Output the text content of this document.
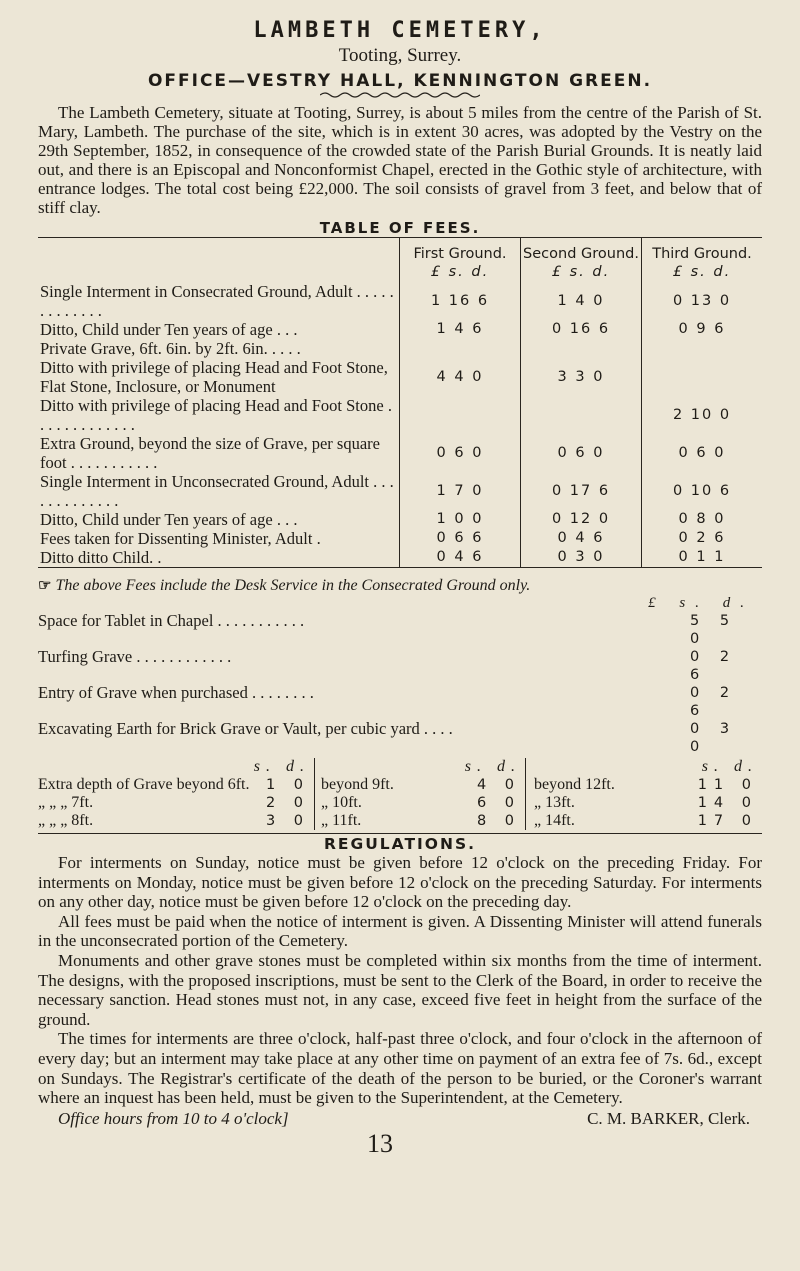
LAMBETH CEMETERY,
Tooting, Surrey.
OFFICE—VESTRY HALL, KENNINGTON GREEN.
The Lambeth Cemetery, situate at Tooting, Surrey, is about 5 miles from the centre of the Parish of St. Mary, Lambeth. The purchase of the site, which is in extent 30 acres, was adopted by the Vestry on the 29th September, 1852, in consequence of the crowded state of the Parish Burial Grounds. It is neatly laid out, and there is an Episcopal and Nonconformist Chapel, erected in the Gothic style of architecture, with entrance lodges. The total cost being £22,000. The soil consists of gravel from 3 feet, and below that of stiff clay.
TABLE OF FEES.
	First Ground.	Second Ground.	Third Ground.
	£ s. d.	£ s. d.	£ s. d.
Single Interment in Consecrated Ground, Adult . . . . . . . . . . . . .	1 16 6	1 4 0	0 13 0
Ditto, Child under Ten years of age . . .	1 4 6	0 16 6	0 9 6
Private Grave, 6ft. 6in. by 2ft. 6in. . . . .			
Ditto with privilege of placing Head and Foot Stone, Flat Stone, Inclosure, or Monument	4 4 0	3 3 0	
Ditto with privilege of placing Head and Foot Stone . . . . . . . . . . . . .			2 10 0
Extra Ground, beyond the size of Grave, per square foot . . . . . . . . . . .	0 6 0	0 6 0	0 6 0
Single Interment in Unconsecrated Ground, Adult . . . . . . . . . . . . .	1 7 0	0 17 6	0 10 6
Ditto, Child under Ten years of age . . .	1 0 0	0 12 0	0 8 0
Fees taken for Dissenting Minister, Adult .	0 6 6	0 4 6	0 2 6
Ditto ditto Child. .	0 4 6	0 3 0	0 1 1
☞ The above Fees include the Desk Service in the Consecrated Ground only.
£ s. d.
Space for Tablet in Chapel . . . . . . . . . . .	5 5 0
Turfing Grave . . . . . . . . . . . .	0 2 6
Entry of Grave when purchased . . . . . . . .	0 2 6
Excavating Earth for Brick Grave or Vault, per cubic yard . . . .	0 3 0
s. d.
Extra depth of Grave beyond 6ft. 1 0
„ „ „ 7ft.	2 0
„ „ „ 8ft.	3 0
s. d.
beyond 9ft.	4 0
„ 10ft.	6 0
„ 11ft.	8 0
s. d.
beyond 12ft.	11 0
„ 13ft.	14 0
„ 14ft.	17 0
REGULATIONS.

For interments on Sunday, notice must be given before 12 o'clock on the preceding Friday. For interments on Monday, notice must be given before 12 o'clock on the preceding Saturday. For interments on any other day, notice must be given before 12 o'clock on the preceding day.

All fees must be paid when the notice of interment is given. A Dissenting Minister will attend funerals in the unconsecrated portion of the Cemetery.

Monuments and other grave stones must be completed within six months from the time of interment. The designs, with the proposed inscriptions, must be sent to the Clerk of the Board, in order to receive the necessary sanction. Head stones must not, in any case, exceed five feet in height from the surface of the ground.

The times for interments are three o'clock, half-past three o'clock, and four o'clock in the afternoon of every day; but an interment may take place at any other time on payment of an extra fee of 7s. 6d., except on Sundays. The Registrar's certificate of the death of the person to be buried, or the Coroner's warrant where an inquest has been held, must be given to the Superintendent, at the Cemetery.

Office hours from 10 to 4 o'clock]	C. M. BARKER, Clerk.
13
